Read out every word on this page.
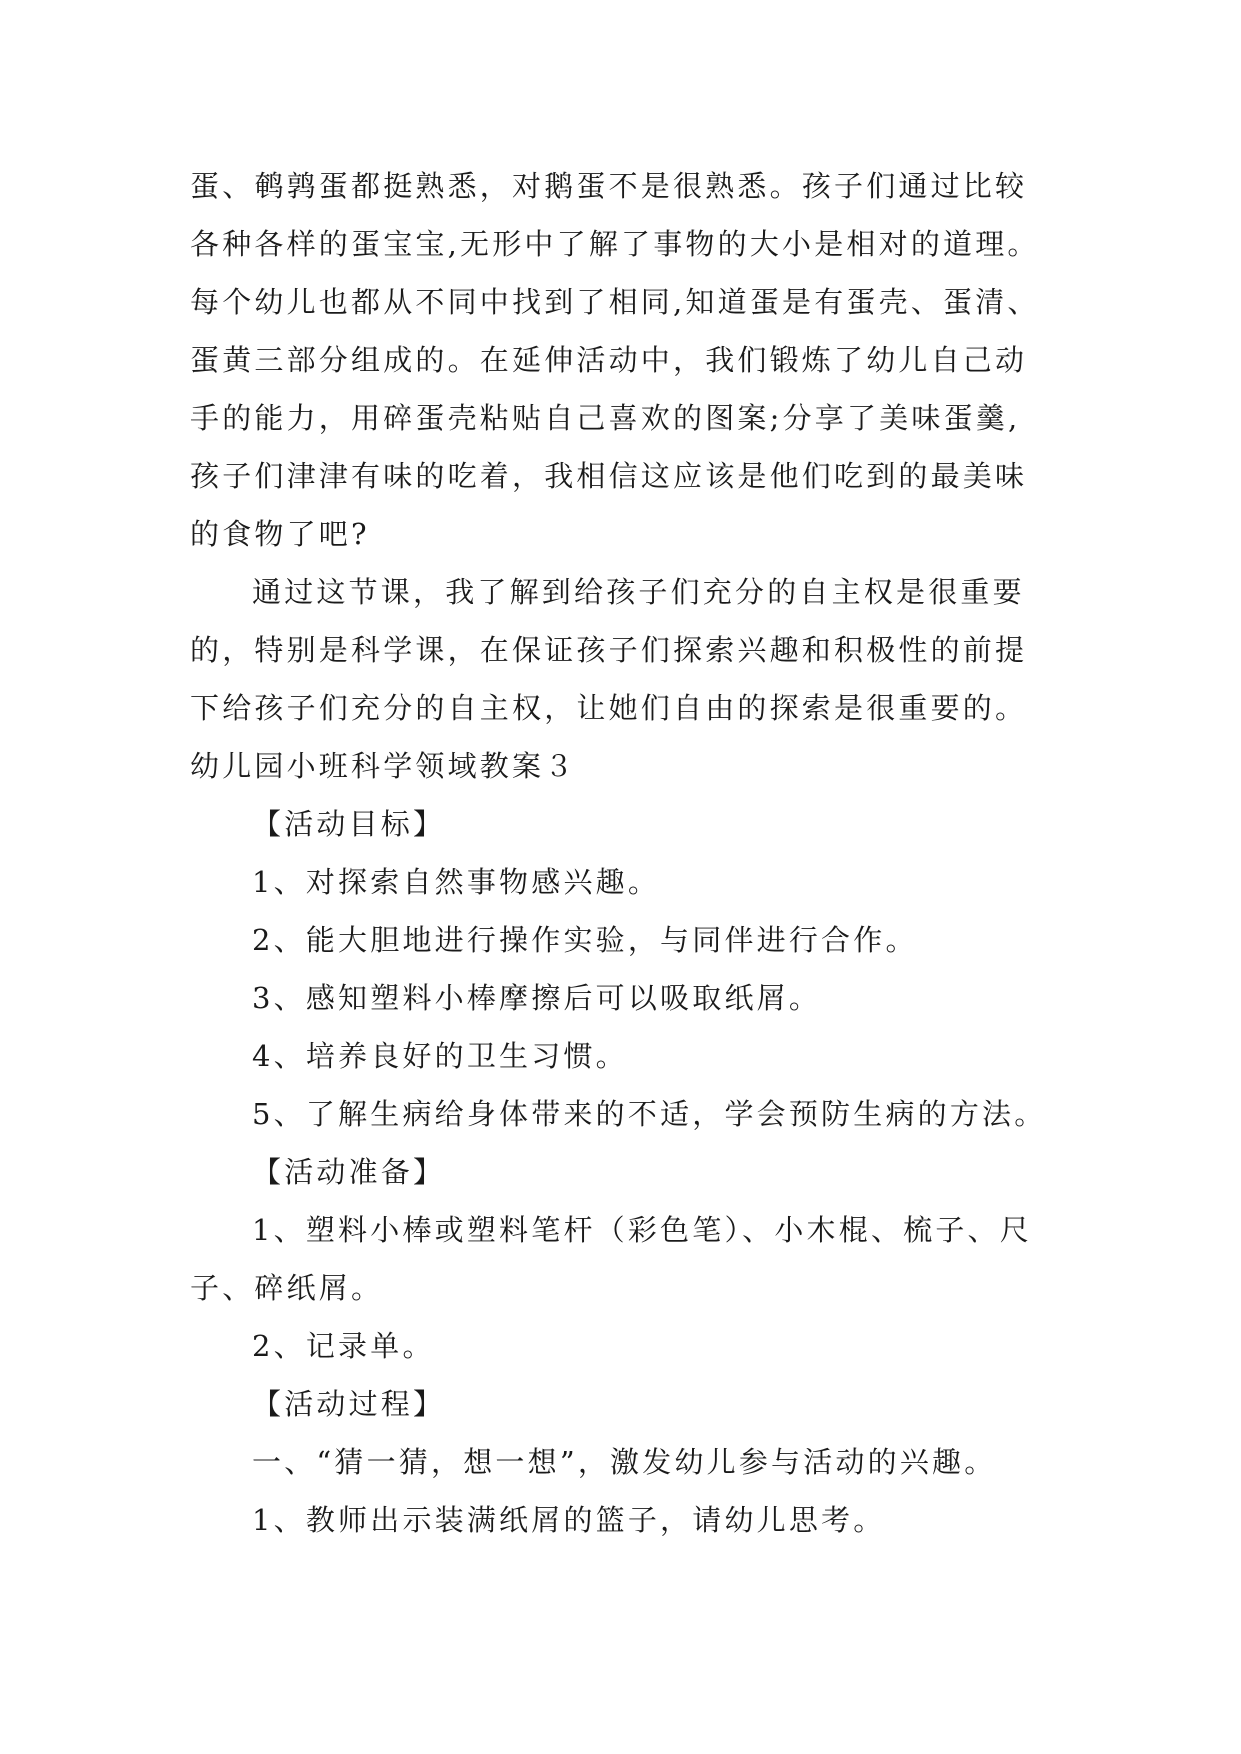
蛋、鹌鹑蛋都挺熟悉，对鹅蛋不是很熟悉。孩子们通过比较
各种各样的蛋宝宝,无形中了解了事物的大小是相对的道理。
每个幼儿也都从不同中找到了相同,知道蛋是有蛋壳、蛋清、
蛋黄三部分组成的。在延伸活动中，我们锻炼了幼儿自己动
手的能力，用碎蛋壳粘贴自己喜欢的图案;分享了美味蛋羹,
孩子们津津有味的吃着，我相信这应该是他们吃到的最美味
的食物了吧?
通过这节课，我了解到给孩子们充分的自主权是很重要
的，特别是科学课，在保证孩子们探索兴趣和积极性的前提
下给孩子们充分的自主权，让她们自由的探索是很重要的。
幼儿园小班科学领域教案３
【活动目标】
1、对探索自然事物感兴趣。
2、能大胆地进行操作实验，与同伴进行合作。
3、感知塑料小棒摩擦后可以吸取纸屑。
4、培养良好的卫生习惯。
5、了解生病给身体带来的不适，学会预防生病的方法。
【活动准备】
1、塑料小棒或塑料笔杆（彩色笔）、小木棍、梳子、尺
子、碎纸屑。
2、记录单。
【活动过程】
一、“猜一猜，想一想”，激发幼儿参与活动的兴趣。
1、教师出示装满纸屑的篮子，请幼儿思考。
